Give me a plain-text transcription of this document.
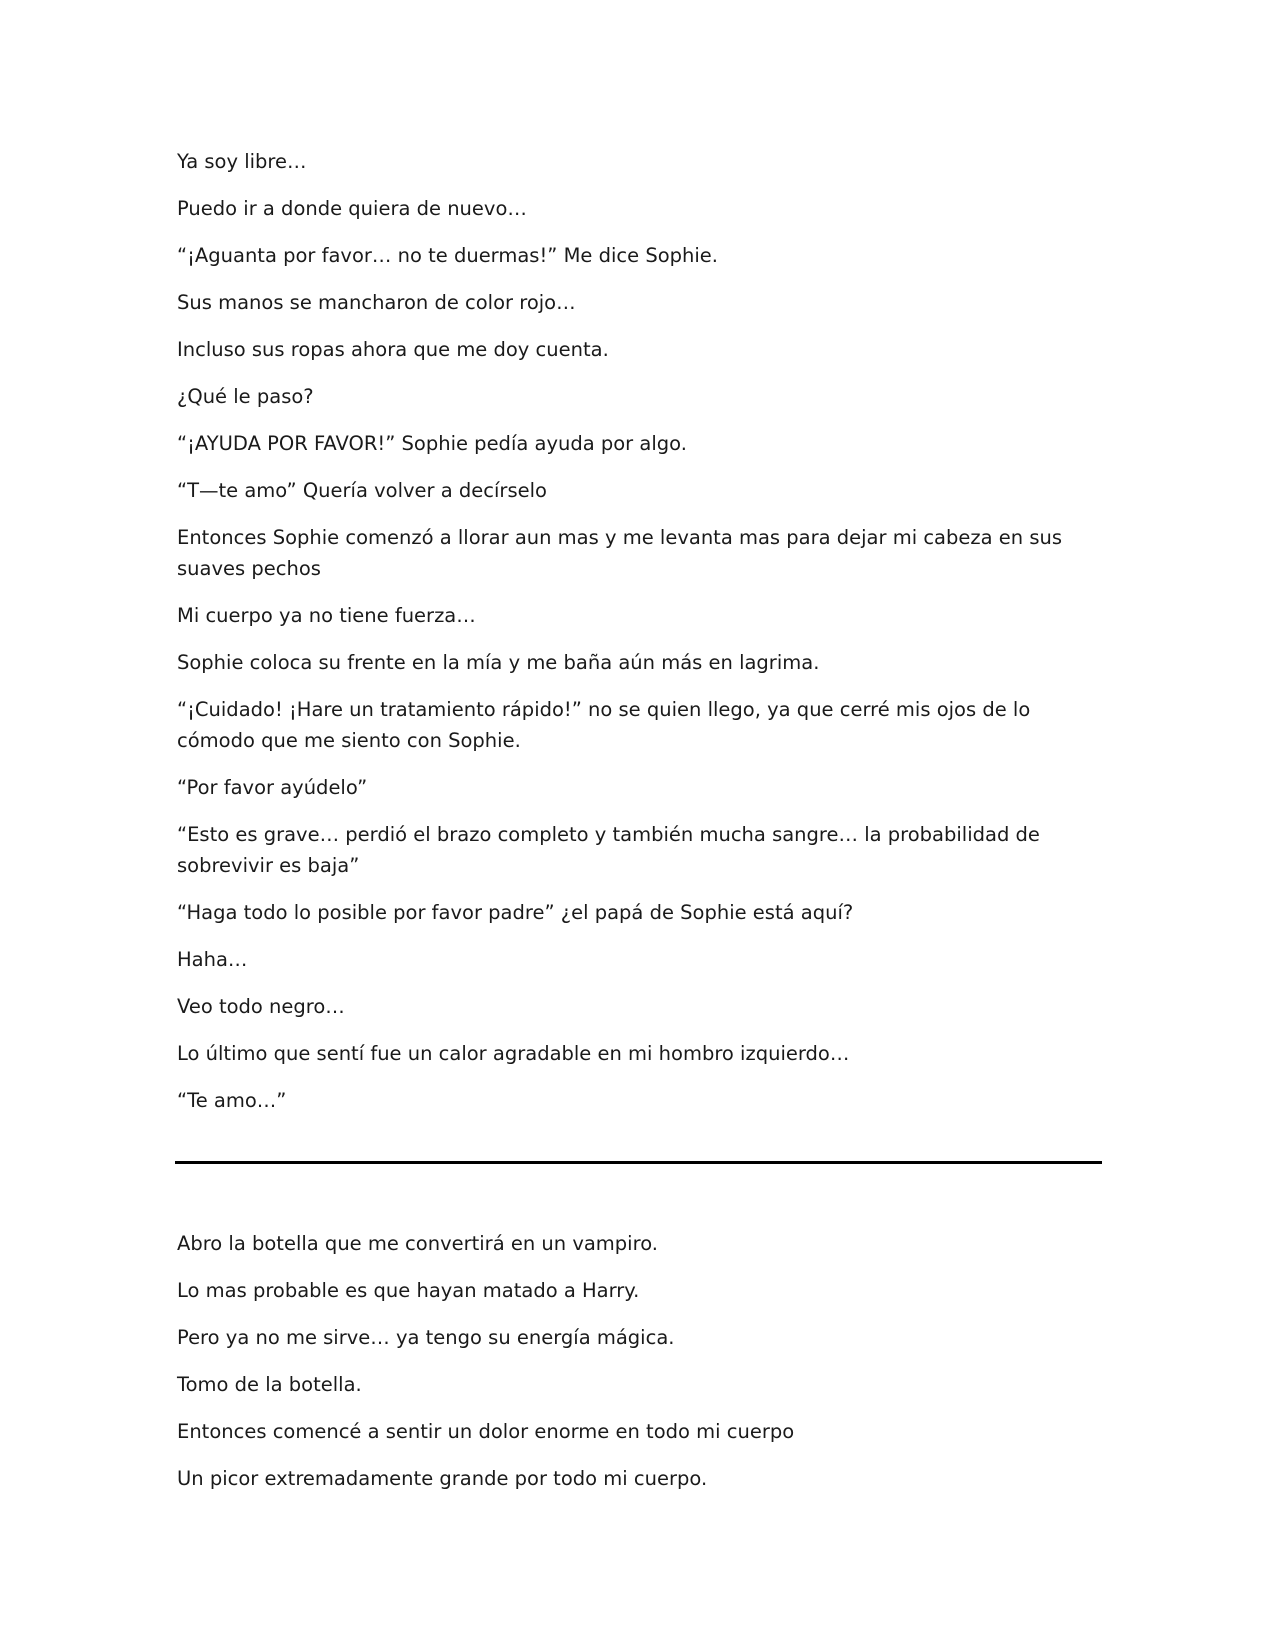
Ya soy libre…

Puedo ir a donde quiera de nuevo…

“¡Aguanta por favor… no te duermas!” Me dice Sophie.

Sus manos se mancharon de color rojo…

Incluso sus ropas ahora que me doy cuenta.

¿Qué le paso?

“¡AYUDA POR FAVOR!” Sophie pedía ayuda por algo.

“T—te amo” Quería volver a decírselo

Entonces Sophie comenzó a llorar aun mas y me levanta mas para dejar mi cabeza en sus suaves pechos

Mi cuerpo ya no tiene fuerza…

Sophie coloca su frente en la mía y me baña aún más en lagrima.

“¡Cuidado! ¡Hare un tratamiento rápido!” no se quien llego, ya que cerré mis ojos de lo cómodo que me siento con Sophie.

“Por favor ayúdelo”

“Esto es grave… perdió el brazo completo y también mucha sangre… la probabilidad de sobrevivir es baja”

“Haga todo lo posible por favor padre” ¿el papá de Sophie está aquí?

Haha…

Veo todo negro…

Lo último que sentí fue un calor agradable en mi hombro izquierdo…

“Te amo…”

Abro la botella que me convertirá en un vampiro.

Lo mas probable es que hayan matado a Harry.

Pero ya no me sirve… ya tengo su energía mágica.

Tomo de la botella.

Entonces comencé a sentir un dolor enorme en todo mi cuerpo

Un picor extremadamente grande por todo mi cuerpo.
